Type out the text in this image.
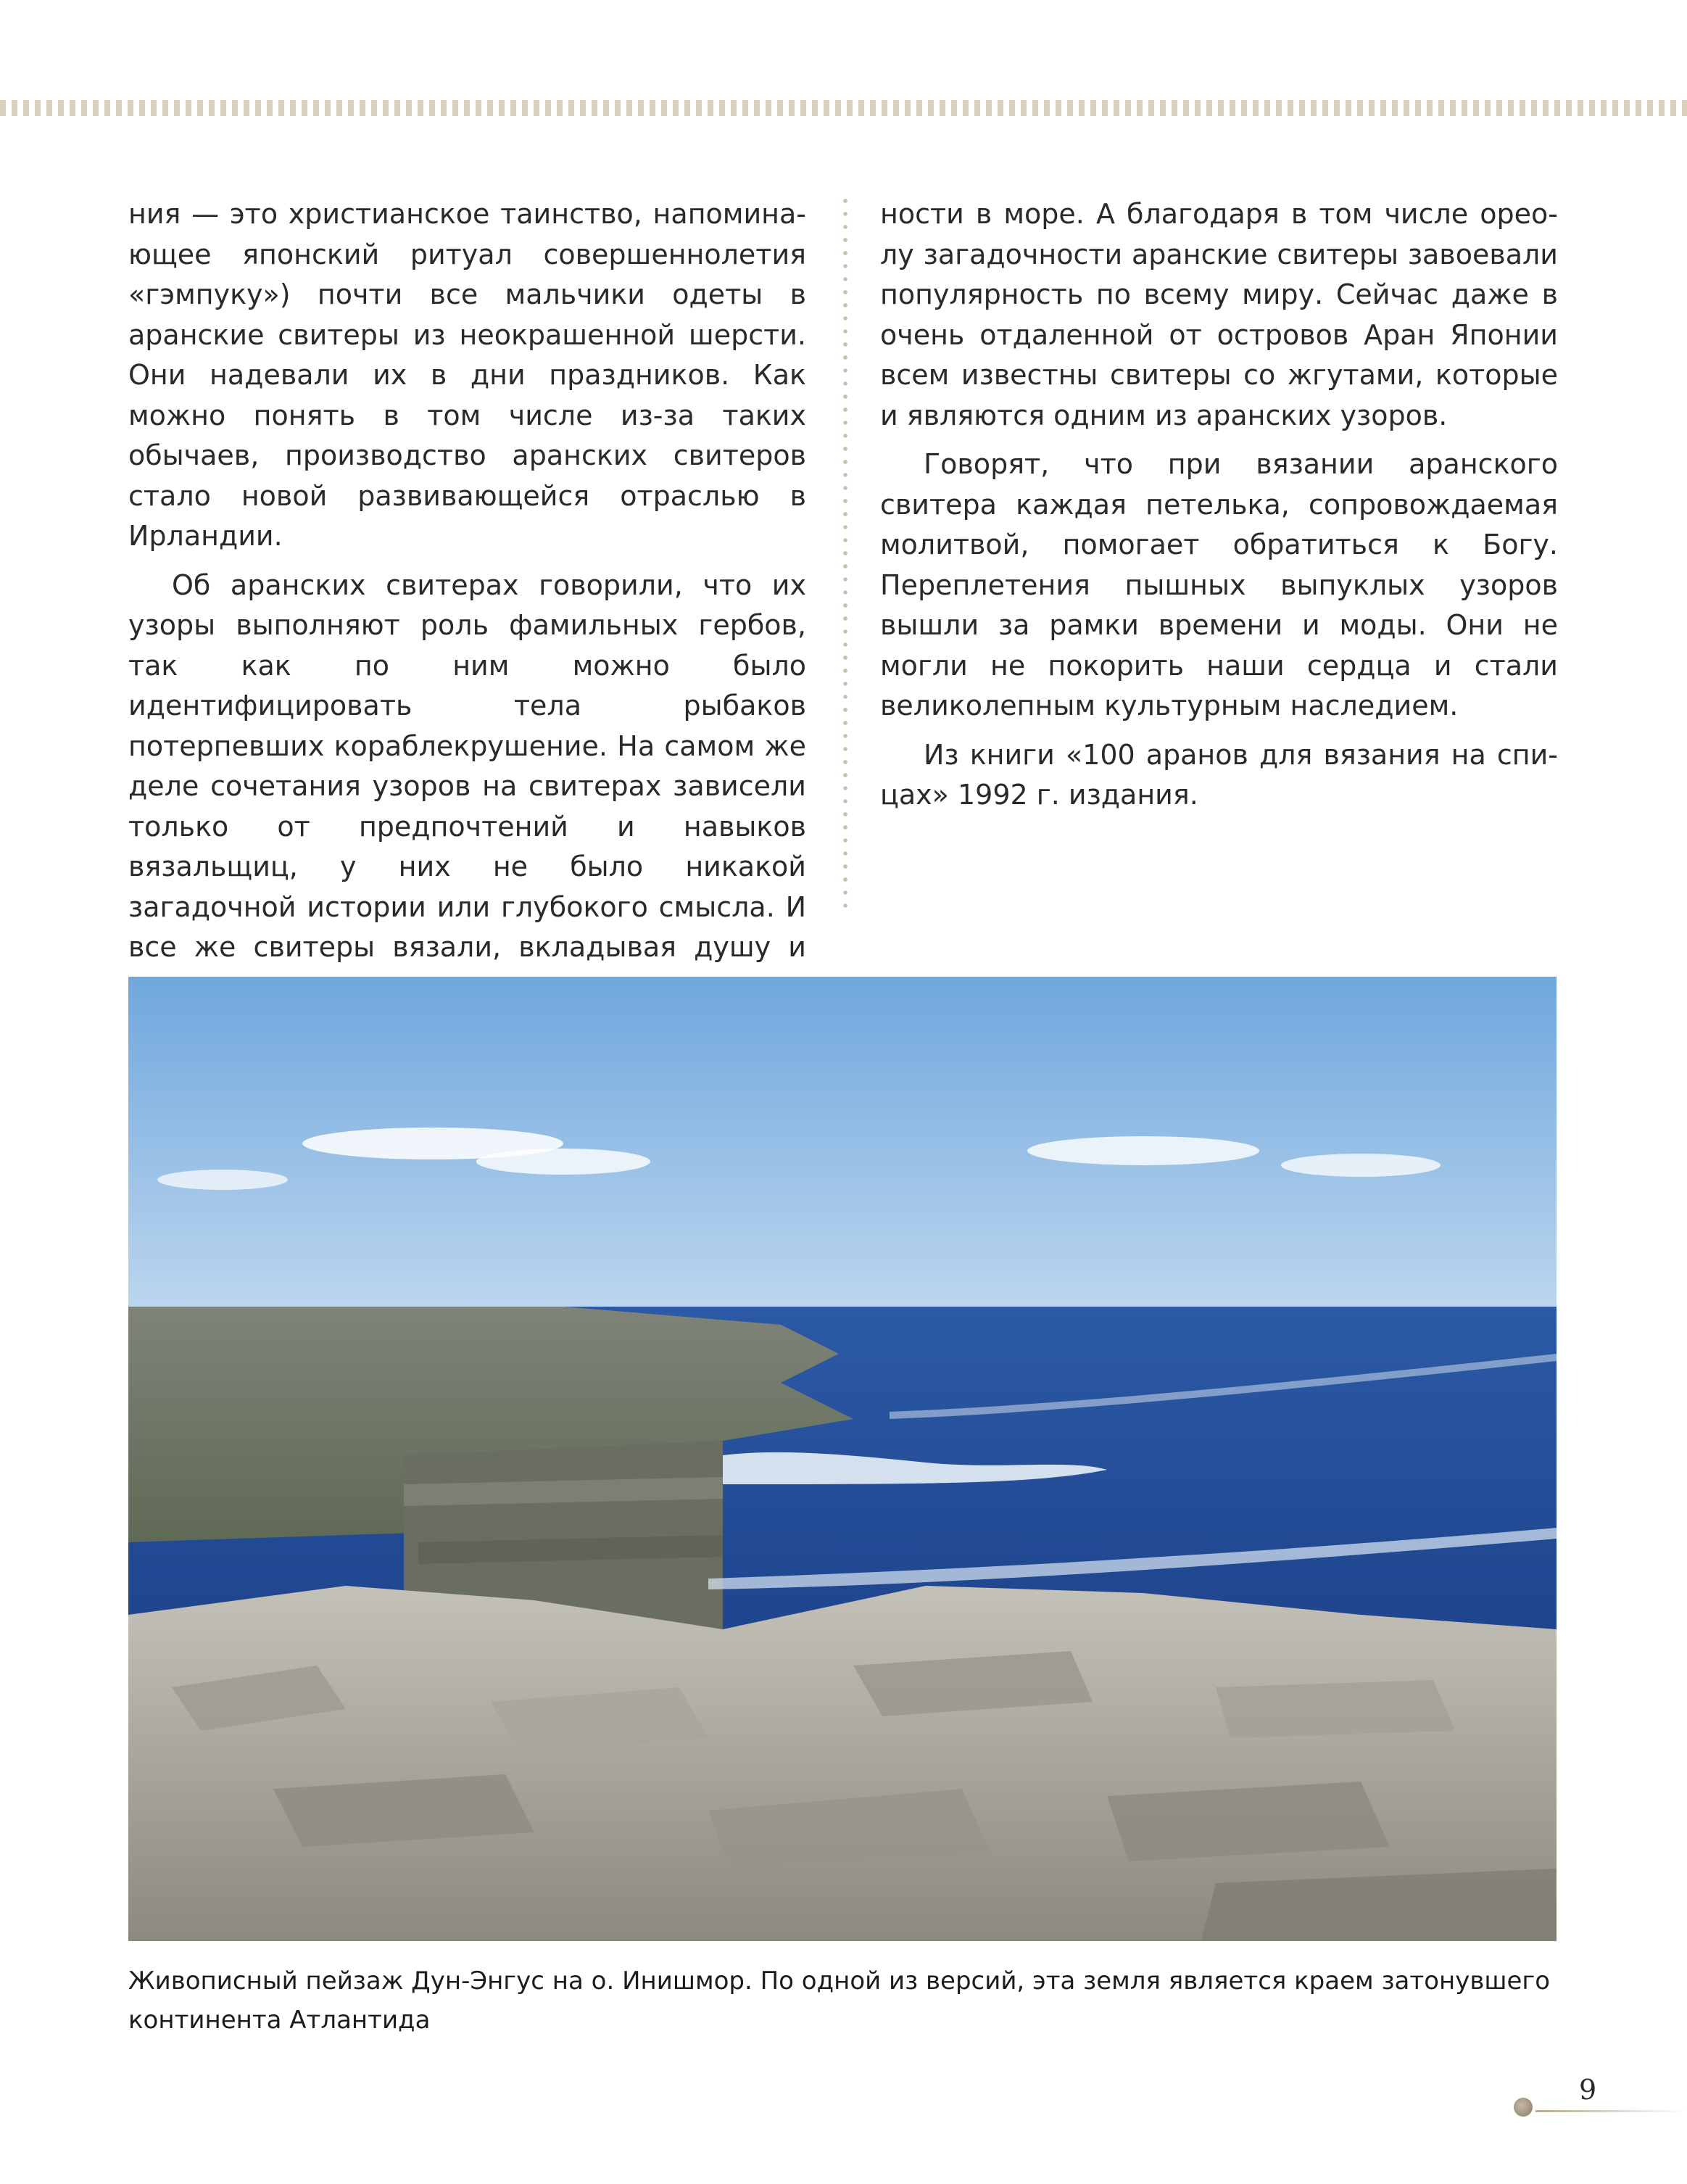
ния — это христианское таинство, напоминающее японский ритуал совершеннолетия «гэмпуку») почти все мальчики одеты в аранские свитеры из неокрашенной шерсти. Они надевали их в дни праздников. Как можно понять в том числе из-за таких обычаев, производство аранских свитеров стало новой развивающейся отраслью в Ирландии.

Об аранских свитерах говорили, что их узоры выполняют роль фамильных гербов, так как по ним можно было идентифицировать тела рыбаков потерпевших кораблекрушение. На самом же деле сочетания узоров на свитерах зависели только от предпочтений и навыков вязальщиц, у них не было никакой загадочной истории или глубокого смысла. И все же свитеры вязали, вкладывая душу и

ности в море. А благодаря в том числе ореолу загадочности аранские свитеры завоевали популярность по всему миру. Сейчас даже в очень отдаленной от островов Аран Японии всем известны свитеры со жгутами, которые и являются одним из аранских узоров.

Говорят, что при вязании аранского свитера каждая петелька, сопровождаемая молитвой, помогает обратиться к Богу. Переплетения пышных выпуклых узоров вышли за рамки времени и моды. Они не могли не покорить наши сердца и стали великолепным культурным наследием.

Из книги «100 аранов для вязания на спицах» 1992 г. издания.

Живописный пейзаж Дун-Энгус на о. Инишмор. По одной из версий, эта земля является краем затонувшего континента Атлантида
9
